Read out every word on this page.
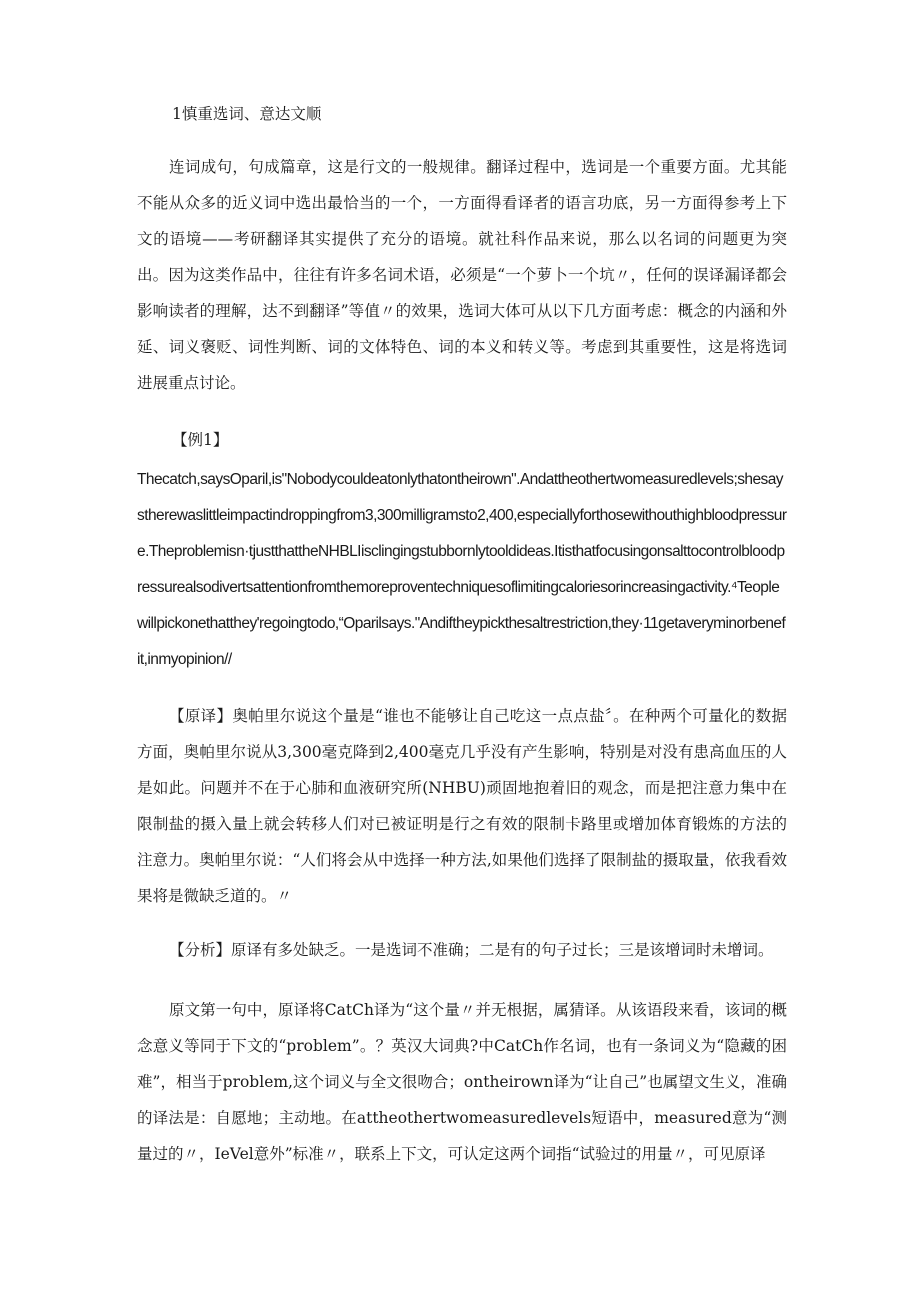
1慎重选词、意达文顺

连词成句，句成篇章，这是行文的一般规律。翻译过程中，选词是一个重要方面。尤其能不能从众多的近义词中选出最恰当的一个，一方面得看译者的语言功底，另一方面得参考上下文的语境——考研翻译其实提供了充分的语境。就社科作品来说，那么以名词的问题更为突出。因为这类作品中，往往有许多名词术语，必须是“一个萝卜一个坑〃，任何的误译漏译都会影响读者的理解，达不到翻译”等值〃的效果，选词大体可从以下几方面考虑：概念的内涵和外延、词义褒贬、词性判断、词的文体特色、词的本义和转义等。考虑到其重要性，这是将选词进展重点讨论。

【例1】

Thecatch,saysOparil,is"Nobodycouldeatonlythatontheirown".Andattheothertwomeasuredlevels;shesaystherewaslittleimpactindroppingfrom3,300milligramsto2,400,especiallyforthosewithouthighbloodpressure.Theproblemisn·tjustthattheNHBLIisclingingstubbornlytooldideas.Itisthatfocusingonsalttocontrolbloodpressurealsodivertsattentionfromthemoreproventechniquesoflimitingcaloriesorincreasingactivity.⁴Teoplewillpickonethatthey'regoingtodo,“Oparilsays."Andiftheypickthesaltrestriction,they·11getaveryminorbenefit,inmyopinion//

【原译】奥帕里尔说这个量是“谁也不能够让自己吃这一点点盐〞。在种两个可量化的数据方面，奥帕里尔说从3,300毫克降到2,400毫克几乎没有产生影响，特别是对没有患高血压的人是如此。问题并不在于心肺和血液研究所(NHBU)顽固地抱着旧的观念，而是把注意力集中在限制盐的摄入量上就会转移人们对已被证明是行之有效的限制卡路里或增加体育锻炼的方法的注意力。奥帕里尔说：“人们将会从中选择一种方法,如果他们选择了限制盐的摄取量，依我看效果将是微缺乏道的。〃

【分析】原译有多处缺乏。一是选词不准确；二是有的句子过长；三是该增词时未增词。

原文第一句中，原译将CatCh译为“这个量〃并无根据，属猜译。从该语段来看，该词的概念意义等同于下文的“problem”。？英汉大词典?中CatCh作名词，也有一条词义为“隐藏的困难”，相当于problem,这个词义与全文很吻合；ontheirown译为“让自己”也属望文生义，准确的译法是：自愿地；主动地。在attheothertwomeasuredlevels短语中，measured意为“测量过的〃，IeVel意外”标准〃，联系上下文，可认定这两个词指“试验过的用量〃，可见原译
